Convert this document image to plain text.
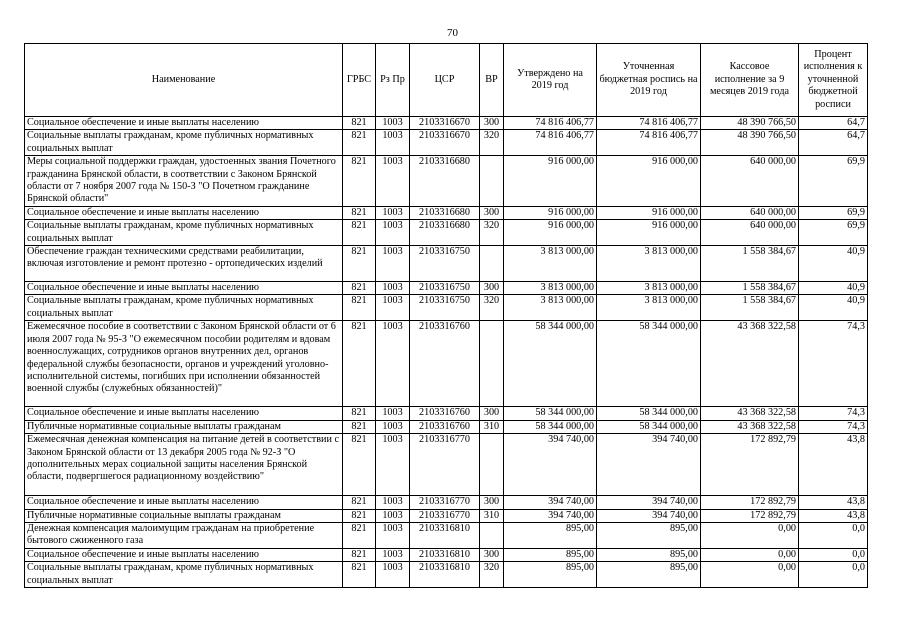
70
Наименование	ГРБС	Рз Пр	ЦСР	ВР	Утверждено на 2019 год	Уточненная бюджетная роспись на 2019 год	Кассовое исполнение за 9 месяцев 2019 года	Процент исполнения к уточненной бюджетной росписи
Социальное обеспечение и иные выплаты населению	821	1003	2103316670	300	74 816 406,77	74 816 406,77	48 390 766,50	64,7
Социальные выплаты гражданам, кроме публичных нормативных социальных выплат	821	1003	2103316670	320	74 816 406,77	74 816 406,77	48 390 766,50	64,7
Меры социальной поддержки граждан, удостоенных звания Почетного гражданина Брянской области, в соответствии с Законом Брянской области от 7 ноября 2007 года № 150-З "О Почетном гражданине Брянской области"	821	1003	2103316680		916 000,00	916 000,00	640 000,00	69,9
Социальное обеспечение и иные выплаты населению	821	1003	2103316680	300	916 000,00	916 000,00	640 000,00	69,9
Социальные выплаты гражданам, кроме публичных нормативных социальных выплат	821	1003	2103316680	320	916 000,00	916 000,00	640 000,00	69,9
Обеспечение граждан техническими средствами реабилитации, включая изготовление и ремонт протезно - ортопедических изделий	821	1003	2103316750		3 813 000,00	3 813 000,00	1 558 384,67	40,9
Социальное обеспечение и иные выплаты населению	821	1003	2103316750	300	3 813 000,00	3 813 000,00	1 558 384,67	40,9
Социальные выплаты гражданам, кроме публичных нормативных социальных выплат	821	1003	2103316750	320	3 813 000,00	3 813 000,00	1 558 384,67	40,9
Ежемесячное пособие в соответствии с Законом Брянской области от 6 июля 2007 года № 95-З "О ежемесячном пособии родителям и вдовам военнослужащих, сотрудников органов внутренних дел, органов федеральной службы безопасности, органов и учреждений уголовно-исполнительной системы, погибших при исполнении обязанностей военной службы (служебных обязанностей)"	821	1003	2103316760		58 344 000,00	58 344 000,00	43 368 322,58	74,3
Социальное обеспечение и иные выплаты населению	821	1003	2103316760	300	58 344 000,00	58 344 000,00	43 368 322,58	74,3
Публичные нормативные социальные выплаты гражданам	821	1003	2103316760	310	58 344 000,00	58 344 000,00	43 368 322,58	74,3
Ежемесячная денежная компенсация на питание детей в соответствии с Законом Брянской области от 13 декабря 2005 года № 92-З "О дополнительных мерах социальной защиты населения Брянской области, подвергшегося радиационному воздействию"	821	1003	2103316770		394 740,00	394 740,00	172 892,79	43,8
Социальное обеспечение и иные выплаты населению	821	1003	2103316770	300	394 740,00	394 740,00	172 892,79	43,8
Публичные нормативные социальные выплаты гражданам	821	1003	2103316770	310	394 740,00	394 740,00	172 892,79	43,8
Денежная компенсация малоимущим гражданам на приобретение бытового сжиженного газа	821	1003	2103316810		895,00	895,00	0,00	0,0
Социальное обеспечение и иные выплаты населению	821	1003	2103316810	300	895,00	895,00	0,00	0,0
Социальные выплаты гражданам, кроме публичных нормативных социальных выплат	821	1003	2103316810	320	895,00	895,00	0,00	0,0
